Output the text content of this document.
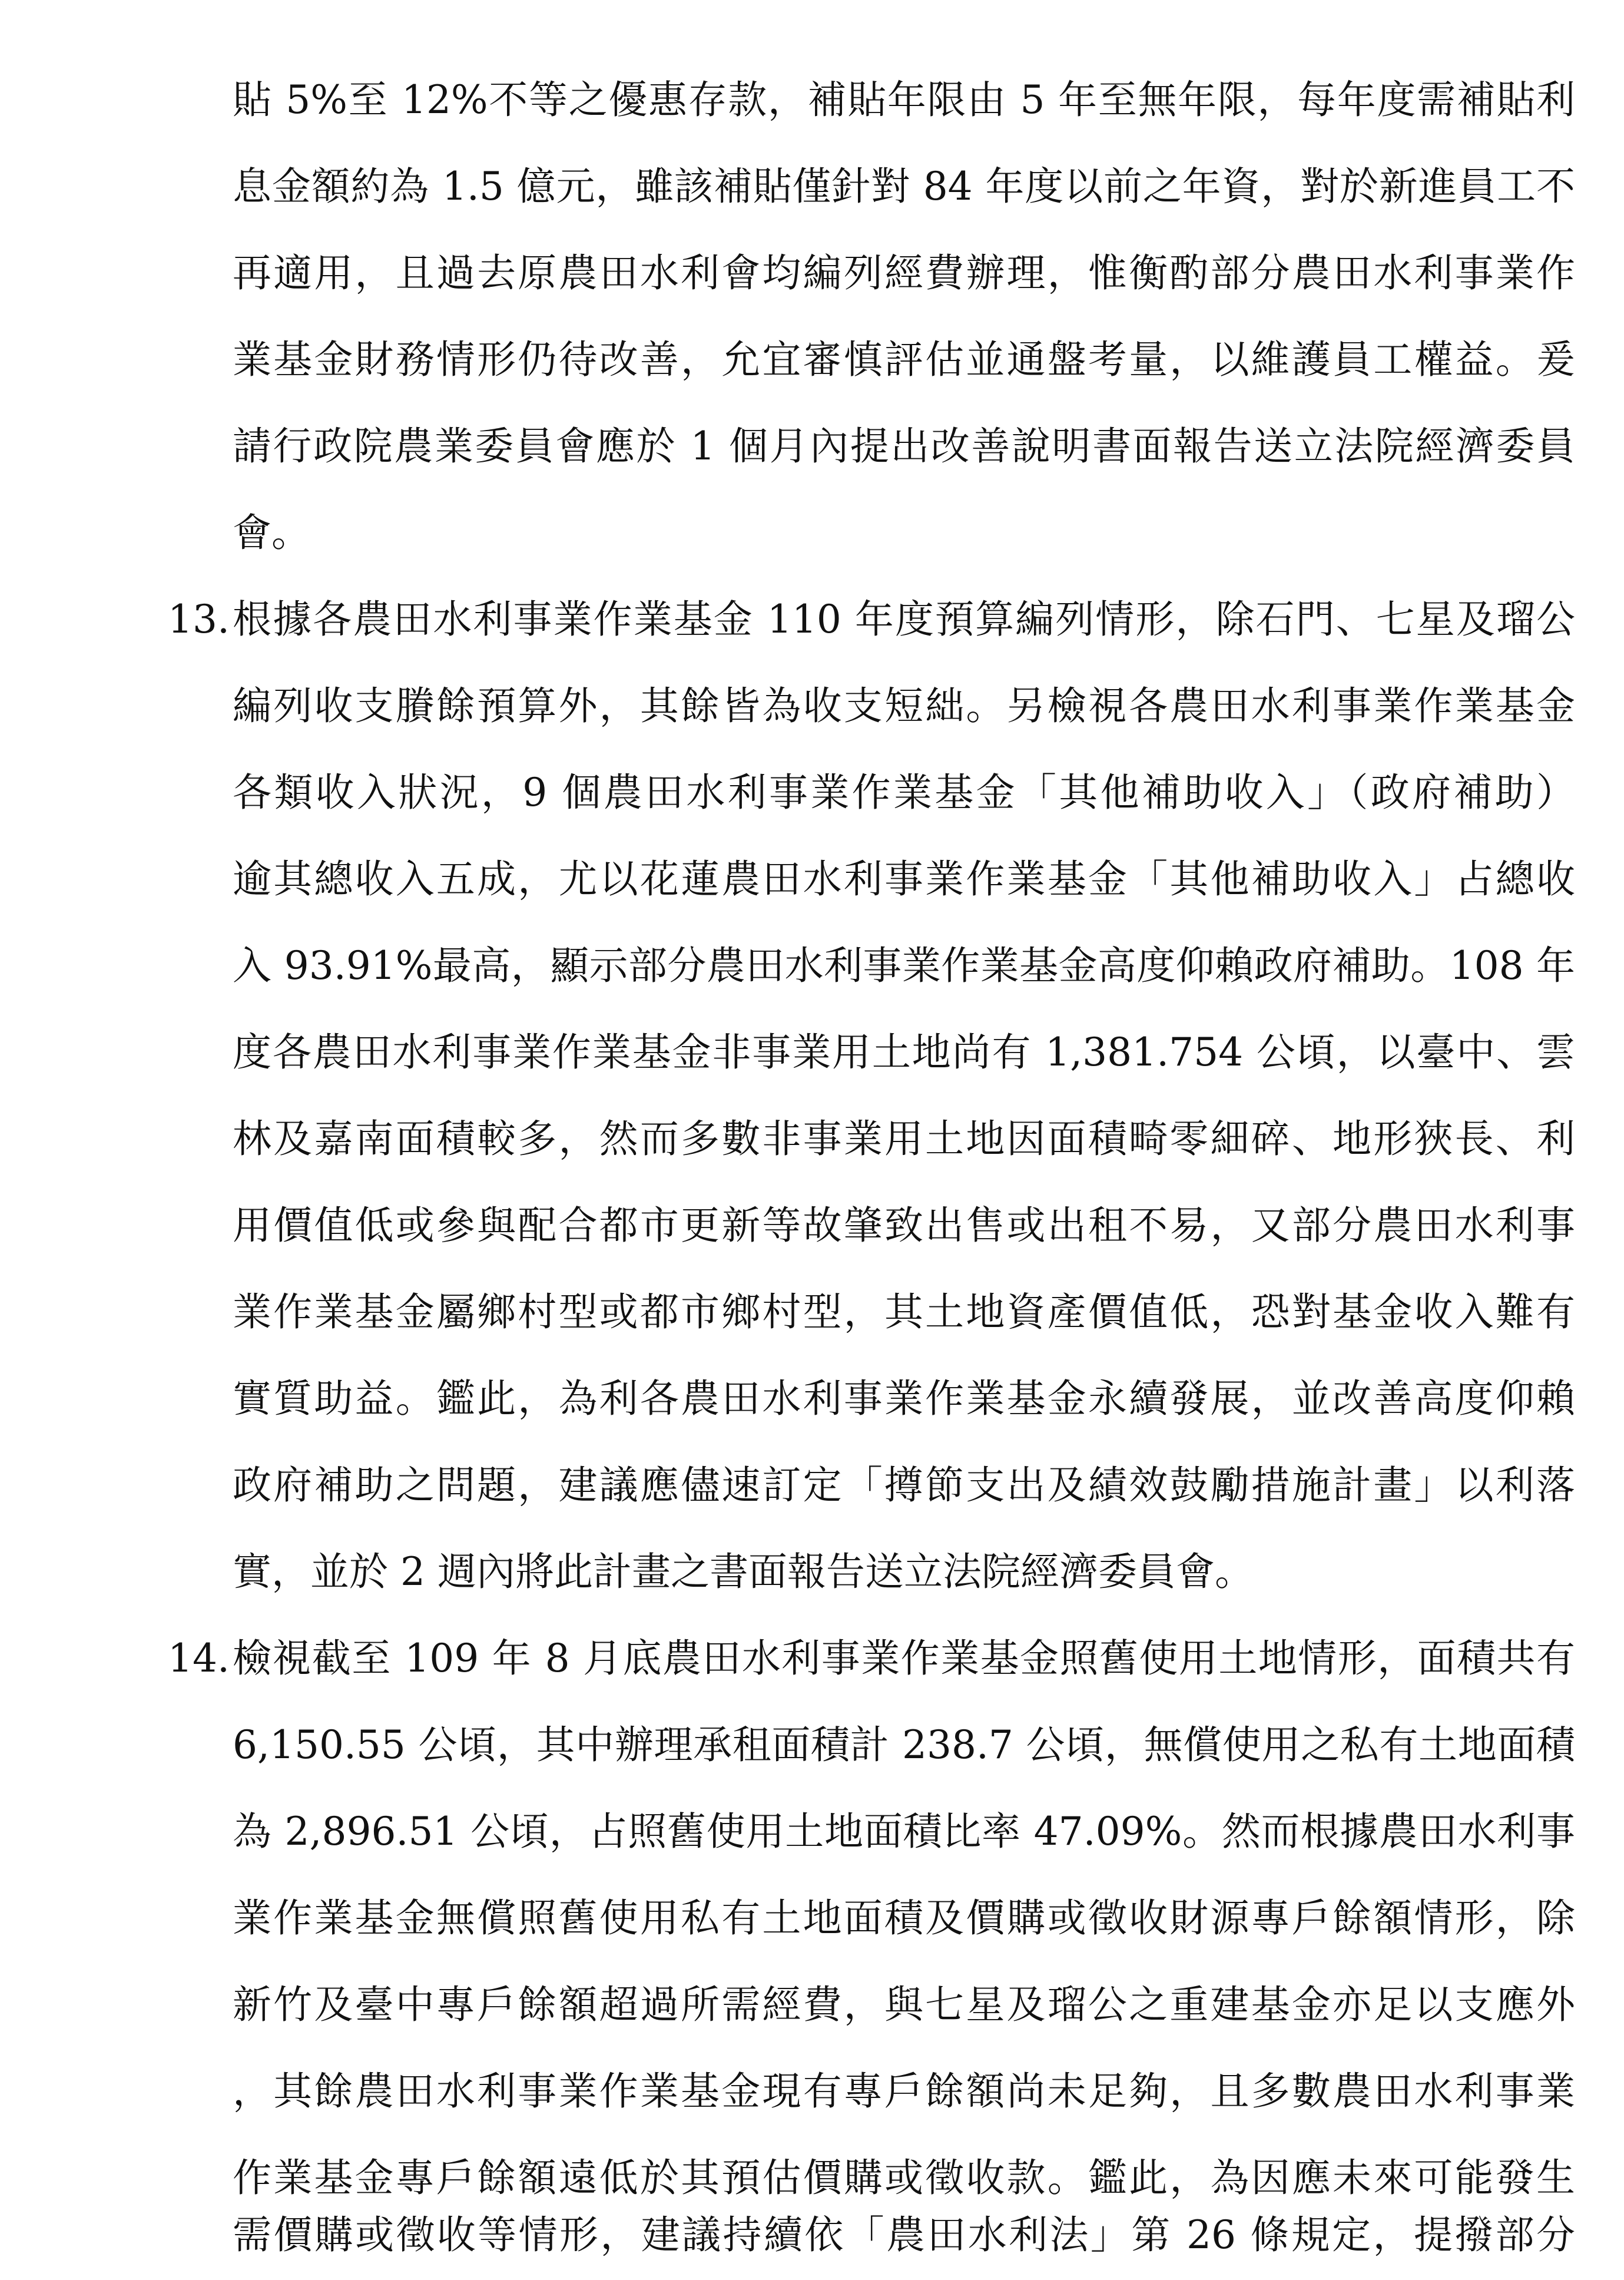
貼 5%至 12%不等之優惠存款，補貼年限由 5 年至無年限，每年度需補貼利
息金額約為 1.5 億元，雖該補貼僅針對 84 年度以前之年資，對於新進員工不
再適用，且過去原農田水利會均編列經費辦理，惟衡酌部分農田水利事業作
業基金財務情形仍待改善，允宜審慎評估並通盤考量，以維護員工權益。爰
請行政院農業委員會應於 1 個月內提出改善說明書面報告送立法院經濟委員
會。
13. 根據各農田水利事業作業基金 110 年度預算編列情形，除石門、七星及瑠公
編列收支賸餘預算外，其餘皆為收支短絀。另檢視各農田水利事業作業基金
各類收入狀況，9 個農田水利事業作業基金「其他補助收入」（政府補助）
逾其總收入五成，尤以花蓮農田水利事業作業基金「其他補助收入」占總收
入 93.91%最高，顯示部分農田水利事業作業基金高度仰賴政府補助。108 年
度各農田水利事業作業基金非事業用土地尚有 1,381.754 公頃，以臺中、雲
林及嘉南面積較多，然而多數非事業用土地因面積畸零細碎、地形狹長、利
用價值低或參與配合都市更新等故肇致出售或出租不易，又部分農田水利事
業作業基金屬鄉村型或都市鄉村型，其土地資產價值低，恐對基金收入難有
實質助益。鑑此，為利各農田水利事業作業基金永續發展，並改善高度仰賴
政府補助之問題，建議應儘速訂定「撙節支出及績效鼓勵措施計畫」以利落
實，並於 2 週內將此計畫之書面報告送立法院經濟委員會。
14. 檢視截至 109 年 8 月底農田水利事業作業基金照舊使用土地情形，面積共有
6,150.55 公頃，其中辦理承租面積計 238.7 公頃，無償使用之私有土地面積
為 2,896.51 公頃，占照舊使用土地面積比率 47.09%。然而根據農田水利事
業作業基金無償照舊使用私有土地面積及價購或徵收財源專戶餘額情形，除
新竹及臺中專戶餘額超過所需經費，與七星及瑠公之重建基金亦足以支應外
，其餘農田水利事業作業基金現有專戶餘額尚未足夠，且多數農田水利事業
作業基金專戶餘額遠低於其預估價購或徵收款。鑑此，為因應未來可能發生
需價購或徵收等情形，建議持續依「農田水利法」第 26 條規定，提撥部分
